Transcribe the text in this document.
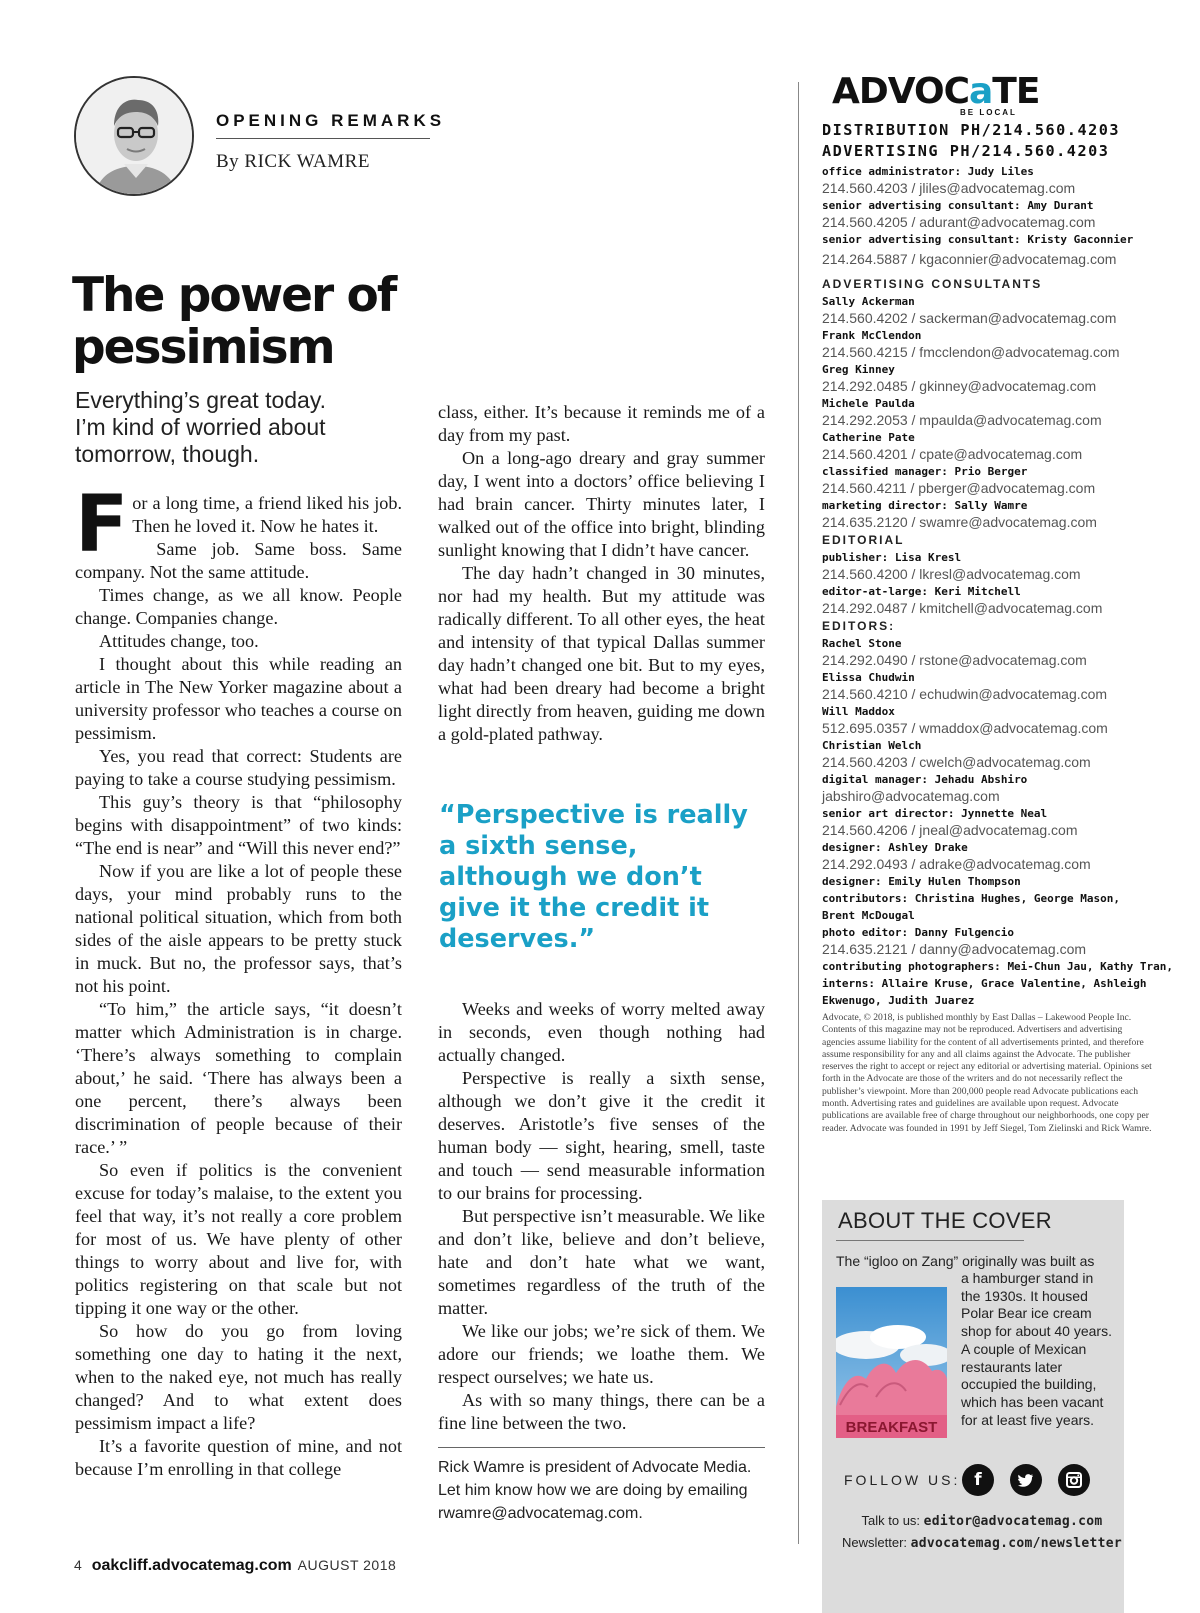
OPENING REMARKS
By RICK WAMRE
The power of
pessimism

Everything’s great today.
I’m kind of worried about
tomorrow, though.

F or a long time, a friend liked his job. Then he loved it. Now he hates it.

Same job. Same boss. Same company. Not the same attitude.

Times change, as we all know. People change. Companies change.

Attitudes change, too.

I thought about this while reading an article in The New Yorker magazine about a university professor who teaches a course on pessimism.

Yes, you read that correct: Students are paying to take a course studying pessimism.

This guy’s theory is that “philosophy begins with disappointment” of two kinds: “The end is near” and “Will this never end?”

Now if you are like a lot of people these days, your mind probably runs to the national political situation, which from both sides of the aisle appears to be pretty stuck in muck. But no, the professor says, that’s not his point.

“To him,” the article says, “it doesn’t matter which Administration is in charge. ‘There’s always something to complain about,’ he said. ‘There has always been a one percent, there’s always been discrimination of people because of their race.’ ”

So even if politics is the convenient excuse for today’s malaise, to the extent you feel that way, it’s not really a core problem for most of us. We have plenty of other things to worry about and live for, with politics registering on that scale but not tipping it one way or the other.

So how do you go from loving something one day to hating it the next, when to the naked eye, not much has really changed? And to what extent does pessimism impact a life?

It’s a favorite question of mine, and not because I’m enrolling in that college

class, either. It’s because it reminds me of a day from my past.

On a long-ago dreary and gray summer day, I went into a doctors’ office believing I had brain cancer. Thirty minutes later, I walked out of the office into bright, blinding sunlight knowing that I didn’t have cancer.

The day hadn’t changed in 30 minutes, nor had my health. But my attitude was radically different. To all other eyes, the heat and intensity of that typical Dallas summer day hadn’t changed one bit. But to my eyes, what had been dreary had become a bright light directly from heaven, guiding me down a gold-plated pathway.

“Perspective is really a sixth sense, although we don’t give it the credit it deserves.”

Weeks and weeks of worry melted away in seconds, even though nothing had actually changed.

Perspective is really a sixth sense, although we don’t give it the credit it deserves. Aristotle’s five senses of the human body — sight, hearing, smell, taste and touch — send measurable information to our brains for processing.

But perspective isn’t measurable. We like and don’t like, believe and don’t believe, hate and don’t hate what we want, sometimes regardless of the truth of the matter.

We like our jobs; we’re sick of them. We adore our friends; we loathe them. We respect ourselves; we hate us.

As with so many things, there can be a fine line between the two.

Rick Wamre is president of Advocate Media. Let him know how we are doing by emailing rwamre@advocatemag.com.

4 oakcliff.advocatemag.com AUGUST 2018
ADVOCaTE
BE LOCAL
DISTRIBUTION PH/214.560.4203
ADVERTISING PH/214.560.4203
office administrator: Judy Liles
214.560.4203 / jliles@advocatemag.com
senior advertising consultant: Amy Durant
214.560.4205 / adurant@advocatemag.com
senior advertising consultant: Kristy Gaconnier
214.264.5887 / kgaconnier@advocatemag.com
ADVERTISING CONSULTANTS
Sally Ackerman
214.560.4202 / sackerman@advocatemag.com
Frank McClendon
214.560.4215 / fmcclendon@advocatemag.com
Greg Kinney
214.292.0485 / gkinney@advocatemag.com
Michele Paulda
214.292.2053 / mpaulda@advocatemag.com
Catherine Pate
214.560.4201 / cpate@advocatemag.com
classified manager: Prio Berger
214.560.4211 / pberger@advocatemag.com
marketing director: Sally Wamre
214.635.2120 / swamre@advocatemag.com
EDITORIAL
publisher: Lisa Kresl
214.560.4200 / lkresl@advocatemag.com
editor-at-large: Keri Mitchell
214.292.0487 / kmitchell@advocatemag.com
EDITORS:
Rachel Stone
214.292.0490 / rstone@advocatemag.com
Elissa Chudwin
214.560.4210 / echudwin@advocatemag.com
Will Maddox
512.695.0357 / wmaddox@advocatemag.com
Christian Welch
214.560.4203 / cwelch@advocatemag.com
digital manager: Jehadu Abshiro
jabshiro@advocatemag.com
senior art director: Jynnette Neal
214.560.4206 / jneal@advocatemag.com
designer: Ashley Drake
214.292.0493 / adrake@advocatemag.com
designer: Emily Hulen Thompson
contributors: Christina Hughes, George Mason, Brent McDougal
photo editor: Danny Fulgencio
214.635.2121 / danny@advocatemag.com
contributing photographers: Mei-Chun Jau, Kathy Tran,
interns: Allaire Kruse, Grace Valentine, Ashleigh Ekwenugo, Judith Juarez
Advocate, © 2018, is published monthly by East Dallas – Lakewood People Inc. Contents of this magazine may not be reproduced. Advertisers and advertising agencies assume liability for the content of all advertisements printed, and therefore assume responsibility for any and all claims against the Advocate. The publisher reserves the right to accept or reject any editorial or advertising material. Opinions set forth in the Advocate are those of the writers and do not necessarily reflect the publisher’s viewpoint. More than 200,000 people read Advocate publications each month. Advertising rates and guidelines are available upon request. Advocate publications are available free of charge throughout our neighborhoods, one copy per reader. Advocate was founded in 1991 by Jeff Siegel, Tom Zielinski and Rick Wamre.
ABOUT THE COVER

The “igloo on Zang” originally was built as

BREAKFAST

a hamburger stand in the 1930s. It housed Polar Bear ice cream shop for about 40 years. A couple of Mexican restaurants later occupied the building, which has been vacant for at least five years.

FOLLOW US: f
Talk to us: editor@advocatemag.com
Newsletter: advocatemag.com/newsletter
